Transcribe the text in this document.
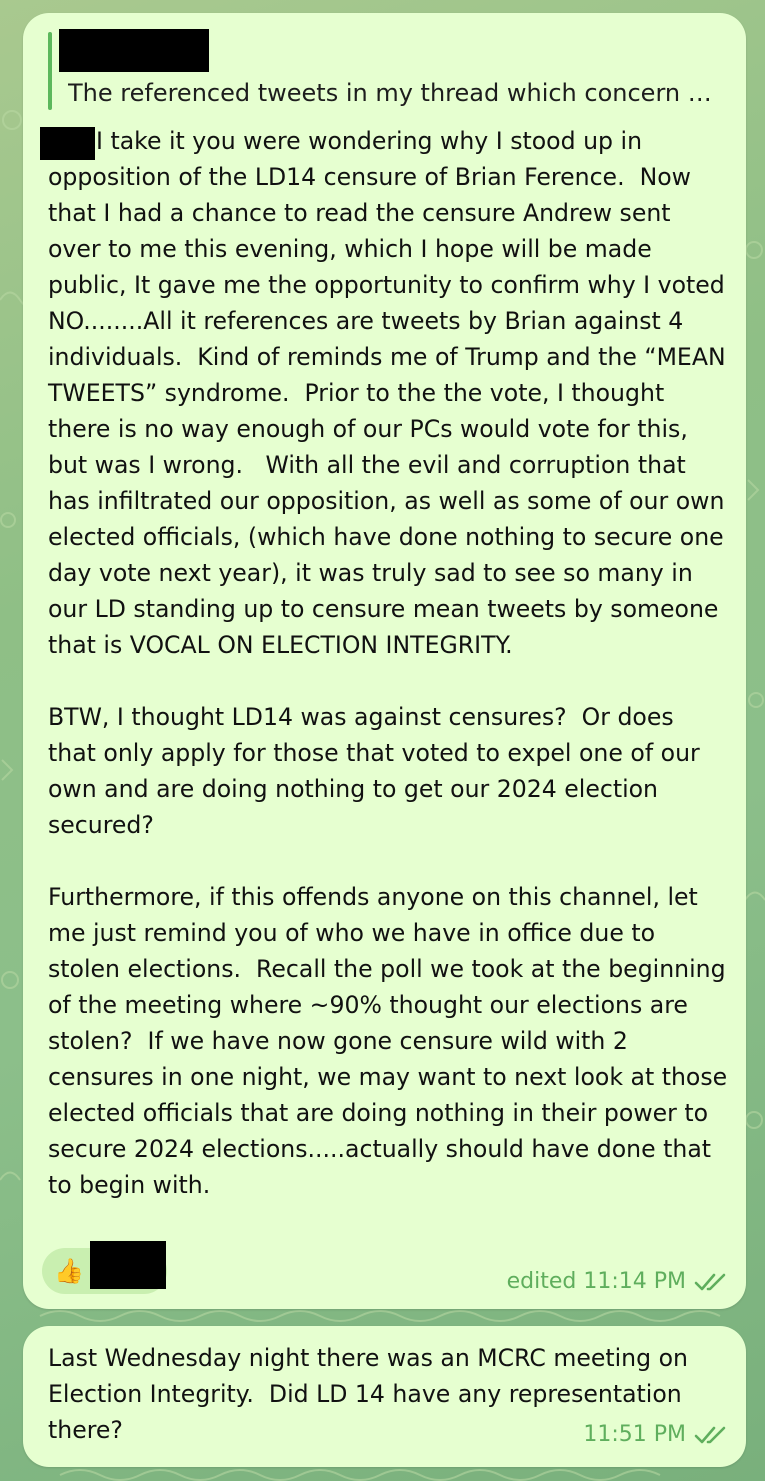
The referenced tweets in my thread which concern …

I take it you were wondering why I stood up in opposition of the LD14 censure of Brian Ference.  Now that I had a chance to read the censure Andrew sent over to me this evening, which I hope will be made public, It gave me the opportunity to confirm why I voted NO........All it references are tweets by Brian against 4 individuals.  Kind of reminds me of Trump and the “MEAN TWEETS” syndrome.  Prior to the the vote, I thought there is no way enough of our PCs would vote for this, but was I wrong.   With all the evil and corruption that has infiltrated our opposition, as well as some of our own elected officials, (which have done nothing to secure one day vote next year), it was truly sad to see so many in our LD standing up to censure mean tweets by someone that is VOCAL ON ELECTION INTEGRITY.

BTW, I thought LD14 was against censures?  Or does that only apply for those that voted to expel one of our own and are doing nothing to get our 2024 election secured?

Furthermore, if this offends anyone on this channel, let me just remind you of who we have in office due to stolen elections.  Recall the poll we took at the beginning of the meeting where ~90% thought our elections are stolen?  If we have now gone censure wild with 2 censures in one night, we may want to next look at those elected officials that are doing nothing in their power to secure 2024 elections.....actually should have done that to begin with.

👍	edited 11:14 PM

Last Wednesday night there was an MCRC meeting on Election Integrity.  Did LD 14 have any representation there?	11:51 PM
